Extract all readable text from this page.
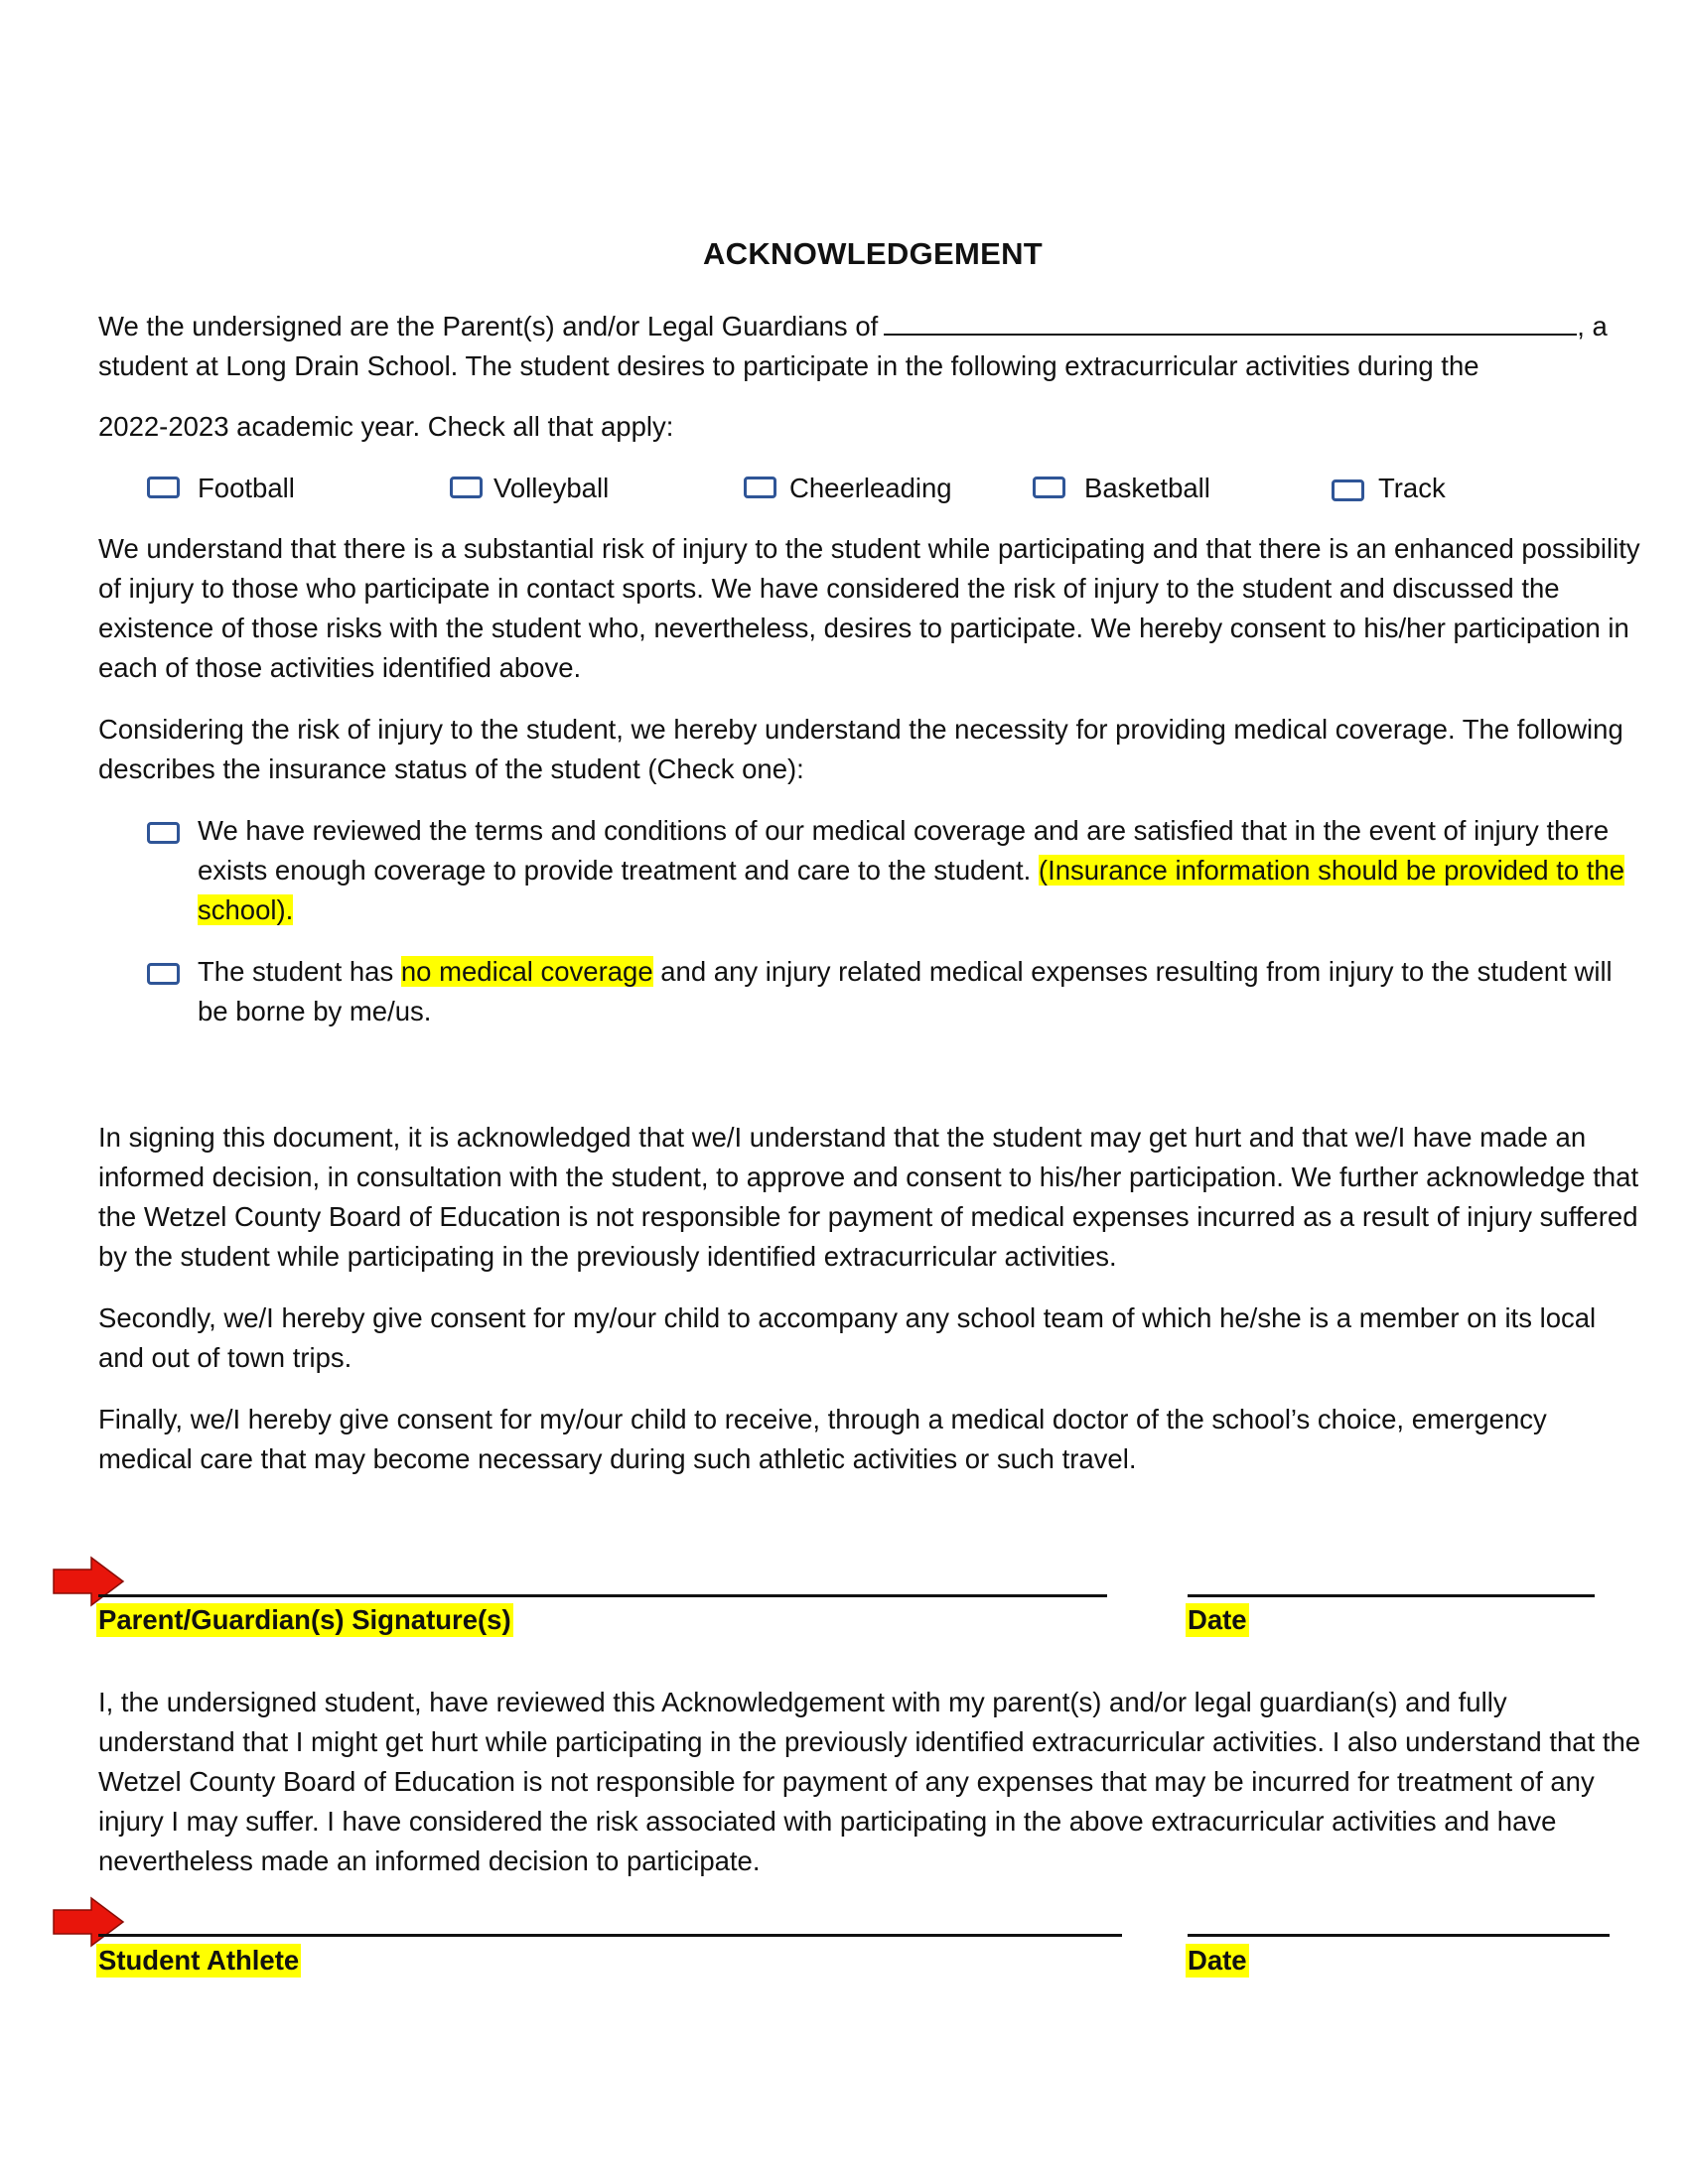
ACKNOWLEDGEMENT
We the undersigned are the Parent(s) and/or Legal Guardians of	, a
student at Long Drain School. The student desires to participate in the following extracurricular activities during the
2022-2023 academic year. Check all that apply:
Football	Volleyball	Cheerleading	Basketball	Track
We understand that there is a substantial risk of injury to the student while participating and that there is an enhanced possibility of injury to those who participate in contact sports. We have considered the risk of injury to the student and discussed the existence of those risks with the student who, nevertheless, desires to participate. We hereby consent to his/her participation in each of those activities identified above.
Considering the risk of injury to the student, we hereby understand the necessity for providing medical coverage. The following describes the insurance status of the student (Check one):
We have reviewed the terms and conditions of our medical coverage and are satisfied that in the event of injury there exists enough coverage to provide treatment and care to the student. (Insurance information should be provided to the school).
The student has no medical coverage and any injury related medical expenses resulting from injury to the student will be borne by me/us.
In signing this document, it is acknowledged that we/I understand that the student may get hurt and that we/I have made an informed decision, in consultation with the student, to approve and consent to his/her participation. We further acknowledge that the Wetzel County Board of Education is not responsible for payment of medical expenses incurred as a result of injury suffered by the student while participating in the previously identified extracurricular activities.
Secondly, we/I hereby give consent for my/our child to accompany any school team of which he/she is a member on its local and out of town trips.
Finally, we/I hereby give consent for my/our child to receive, through a medical doctor of the school’s choice, emergency medical care that may become necessary during such athletic activities or such travel.
Parent/Guardian(s) Signature(s)	Date
I, the undersigned student, have reviewed this Acknowledgement with my parent(s) and/or legal guardian(s) and fully understand that I might get hurt while participating in the previously identified extracurricular activities. I also understand that the Wetzel County Board of Education is not responsible for payment of any expenses that may be incurred for treatment of any injury I may suffer. I have considered the risk associated with participating in the above extracurricular activities and have nevertheless made an informed decision to participate.
Student Athlete	Date
